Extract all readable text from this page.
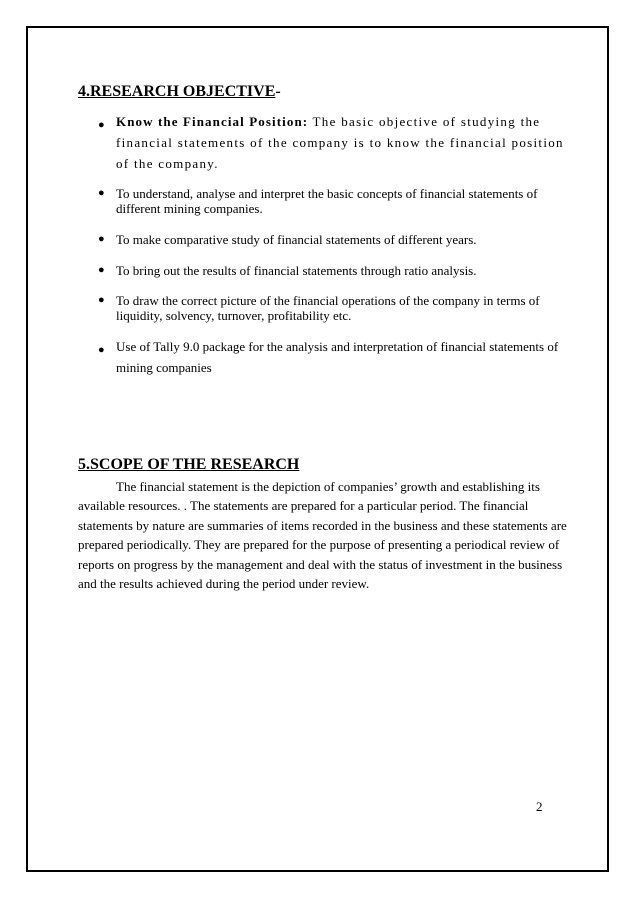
4.RESEARCH OBJECTIVE-
● Know the Financial Position: The basic objective of studying the financial statements of the company is to know the financial position of the company.
● To understand, analyse and interpret the basic concepts of financial statements of different mining companies.
● To make comparative study of financial statements of different years.
● To bring out the results of financial statements through ratio analysis.
● To draw the correct picture of the financial operations of the company in terms of liquidity, solvency, turnover, profitability etc.
● Use of Tally 9.0 package for the analysis and interpretation of financial statements of mining companies
5.SCOPE OF THE RESEARCH

The financial statement is the depiction of companies’ growth and establishing its available resources. . The statements are prepared for a particular period. The financial statements by nature are summaries of items recorded in the business and these statements are prepared periodically. They are prepared for the purpose of presenting a periodical review of reports on progress by the management and deal with the status of investment in the business and the results achieved during the period under review.

2
